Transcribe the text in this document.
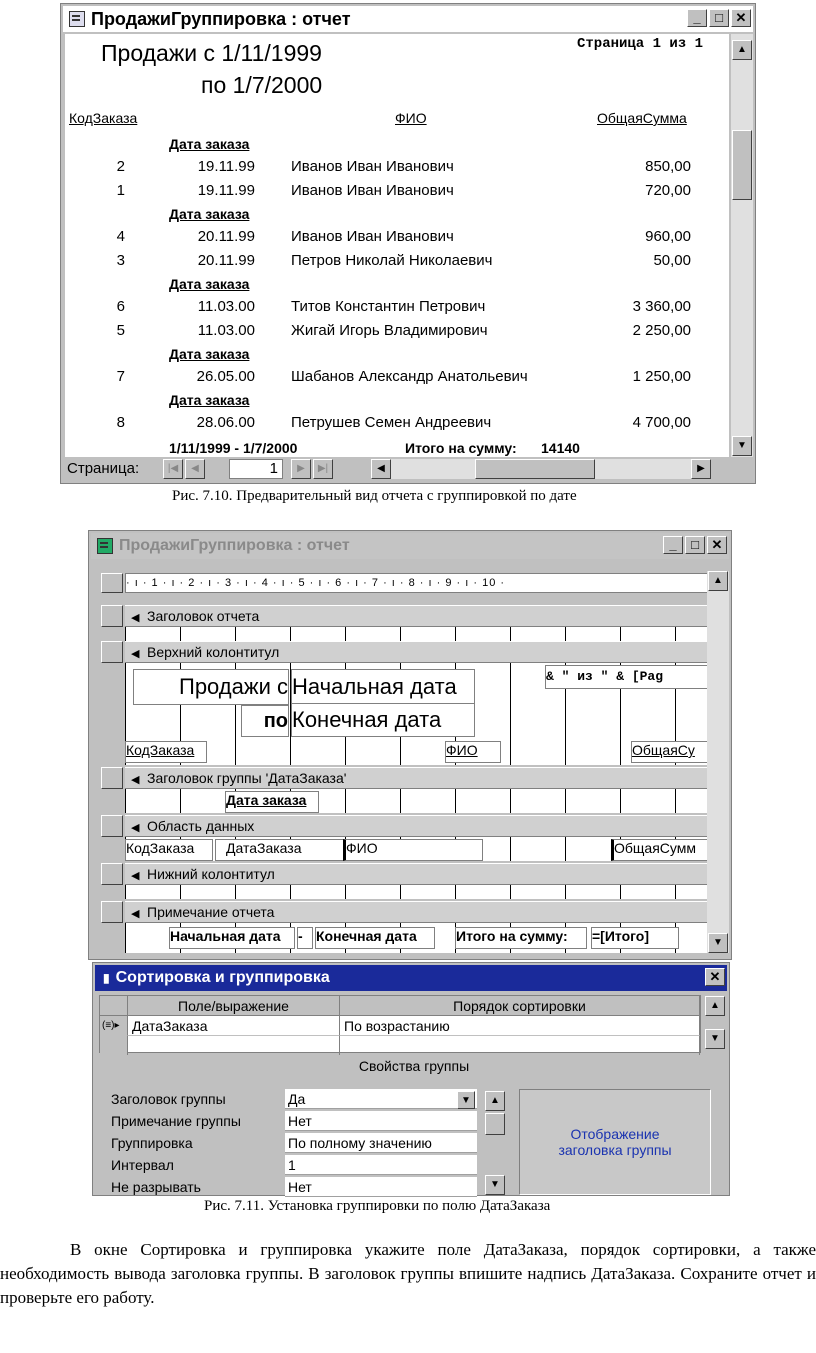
ПродажиГруппировка : отчет	_	□ ✕
Страница 1 из 1
Продажи с 1/11/1999
по 1/7/2000
КодЗаказа	ФИО	ОбщаяСумма
Дата заказа
2	19.11.99 Иванов Иван Иванович	850,00
1	19.11.99 Иванов Иван Иванович	720,00
Дата заказа
4	20.11.99 Иванов Иван Иванович	960,00
3	20.11.99 Петров Николай Николаевич	50,00
Дата заказа
6	11.03.00 Титов Константин Петрович	3 360,00
5	11.03.00 Жигай Игорь Владимирович	2 250,00
Дата заказа
7	26.05.00 Шабанов Александр Анатольевич	1 250,00
Дата заказа
8	28.06.00 Петрушев Семен Андреевич	4 700,00
1/11/1999 - 1/7/2000	Итого на сумму: 14140
▲
▼
Страница:	|◀	◀	1	▶	▶|	◀	▶
Рис. 7.10. Предварительный вид отчета с группировкой по дате
ПродажиГруппировка : отчет	_	□ ✕
· ı · 1 · ı · 2 · ı · 3 · ı · 4 · ı · 5 · ı · 6 · ı · 7 · ı · 8 · ı · 9 · ı · 10 ·
◀ Заголовок отчета
◀ Верхний колонтитул
Продажи с Начальная дата
по Конечная дата
& " из " & [Pag
КодЗаказа	ФИО	ОбщаяСу
◀ Заголовок группы 'ДатаЗаказа'
Дата заказа
◀ Область данных
КодЗаказа	ДатаЗаказа	ФИО	ОбщаяСумм
◀ Нижний колонтитул
◀ Примечание отчета
Начальная дата	- Конечная дата	Итого на сумму:	=[Итого]
▲
▼
▮ Сортировка и группировка	✕
Поле/выражение	Порядок сортировки
(≡)▸ ДатаЗаказа	По возрастанию
▲
▼
Свойства группы
Заголовок группы	Да
Примечание группы	Нет
Группировка	По полному значению
Интервал	1
Не разрывать	Нет
▲
▼
▼
Отображение заголовка группы
Рис. 7.11. Установка группировки по полю ДатаЗаказа
В окне Сортировка и группировка укажите поле ДатаЗаказа, порядок сортировки, а также необходимость вывода заголовка группы. В заголовок группы впишите надпись ДатаЗаказа. Сохраните отчет и проверьте его работу.
